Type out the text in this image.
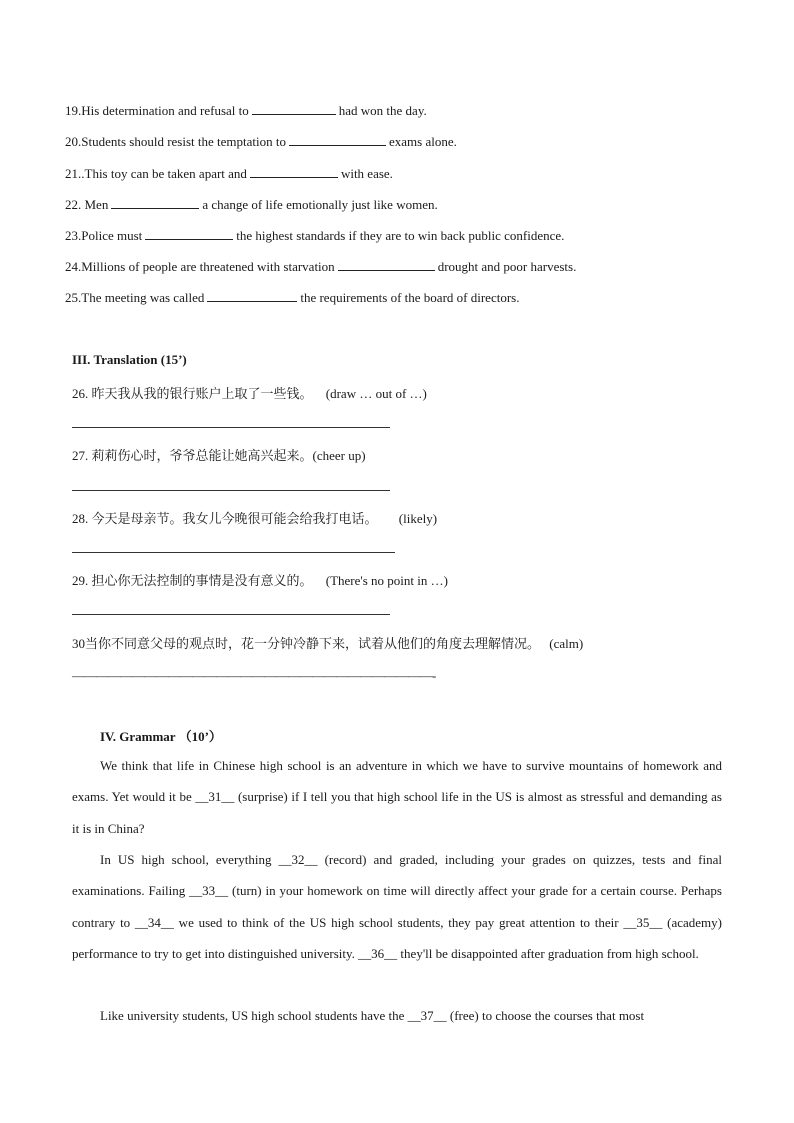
19.His determination and refusal to	had won the day.
20.Students should resist the temptation to	exams alone.
21..This toy can be taken apart and	with ease.
22. Men	a change of life emotionally just like women.
23.Police must	the highest standards if they are to win back public confidence.
24.Millions of people are threatened with starvation	drought and poor harvests.
25.The meeting was called	the requirements of the board of directors.
III. Translation (15’)
26. 昨天我从我的银行账户上取了一些钱。 (draw … out of …)
27. 莉莉伤心时，爷爷总能让她高兴起来。(cheer up)
28. 今天是母亲节。我女儿今晚很可能会给我打电话。 (likely)
29. 担心你无法控制的事情是没有意义的。 (There's no point in …)
30当你不同意父母的观点时，花一分钟冷静下来，试着从他们的角度去理解情况。 (calm)
——————————————————————————————-
IV. Grammar （10’）
We think that life in Chinese high school is an adventure in which we have to survive mountains of homework and exams. Yet would it be __31__ (surprise) if I tell you that high school life in the US is almost as stressful and demanding as it is in China?
In US high school, everything __32__ (record) and graded, including your grades on quizzes, tests and final examinations. Failing __33__ (turn) in your homework on time will directly affect your grade for a certain course. Perhaps contrary to __34__ we used to think of the US high school students, they pay great attention to their __35__ (academy) performance to try to get into distinguished university. __36__ they'll be disappointed after graduation from high school.
Like university students, US high school students have the __37__ (free) to choose the courses that most
